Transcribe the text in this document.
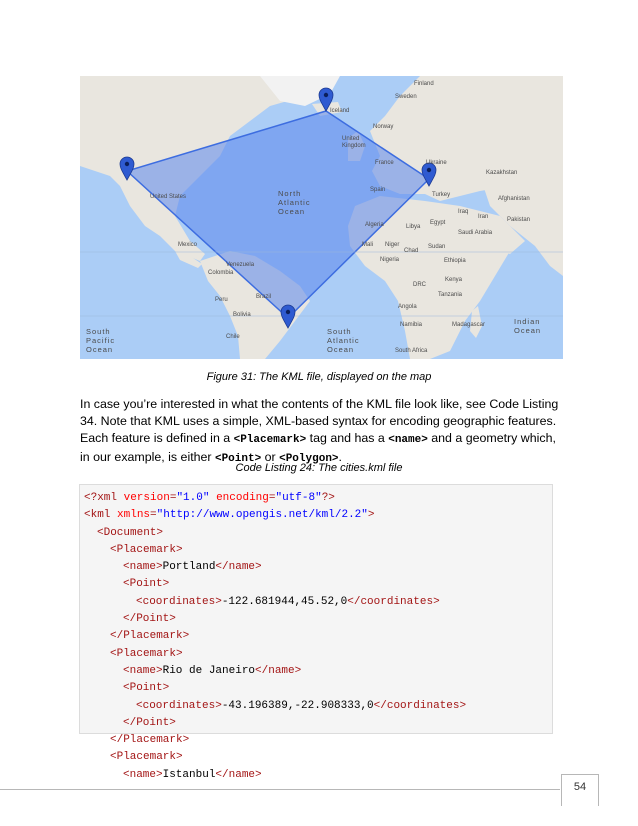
Iceland
Finland
Sweden
Norway
United Kingdom
France
Spain
Ukraine
Kazakhstan
Turkey
Iraq
Afghanistan
Iran	Pakistan
United States
Mexico
Algeria	Libya
Egypt
Saudi Arabia
Mali Niger
Chad
Sudan
Ethiopia
Nigeria
Venezuela
Colombia
DRC
Kenya
Tanzania
Brazil
Peru
Angola
Bolivia
Namibia	Madagascar
Chile
South Africa
North Atlantic Ocean
South Pacific Ocean
South Atlantic Ocean
Indian Ocean
Figure 31: The KML file, displayed on the map

In case you’re interested in what the contents of the KML file look like, see Code Listing 34. Note that KML uses a simple, XML-based syntax for encoding geographic features. Each feature is defined in a <Placemark> tag and has a <name> and a geometry which, in our example, is either <Point> or <Polygon>.

Code Listing 24: The cities.kml file
<?xml version="1.0" encoding="utf-8"?>
<kml xmlns="http://www.opengis.net/kml/2.2">
<Document>
<Placemark>
<name>Portland</name>
<Point>
<coordinates>-122.681944,45.52,0</coordinates>
</Point>
</Placemark>
<Placemark>
<name>Rio de Janeiro</name>
<Point>
<coordinates>-43.196389,-22.908333,0</coordinates>
</Point>
</Placemark>
<Placemark>
<name>Istanbul</name>
54
